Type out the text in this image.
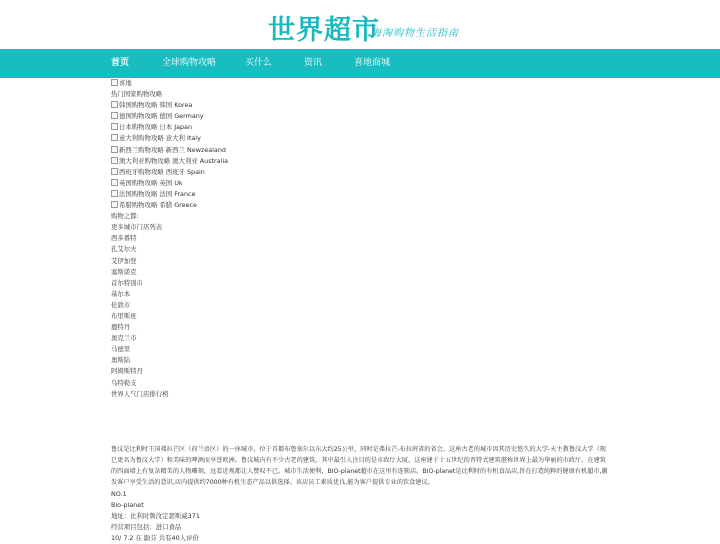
世界超市
海淘购物生活指南
首页	全球购物攻略	买什么	资讯	喜地商城
喜地
热门国家购物攻略
韩国购物攻略 韩国 Korea
德国购物攻略 德国 Germany
日本购物攻略 日本 Japan
意大利购物攻略 意大利 Italy
新西兰购物攻略 新西兰 Newzealand
澳大利亚购物攻略 澳大利亚 Australia
西班牙购物攻略 西班牙 Spain
英国购物攻略 英国 Uk
法国购物攻略 法国 France
希腊购物攻略 希腊 Greece
购物之都:
更多城市门店列表
西多番特
孔艾尔夫
艾伊加登
塞斯诺克
首尔特别市
基尔本
伦敦市
布里斯班
鹿特丹
奥克兰市
马德里
奥斯陆
阿姆斯特丹
乌特勒支
世界人气门店排行榜
鲁汶是比利时王国弗拉芒区（荷兰语区）的一座城市，位于首都布鲁塞尔以东大约25公里，同时是弗拉芒-布拉班省的省会。这座古老的城市因其历史悠久的大学-天主教鲁汶大学（现已更名为鲁汶大学）和美味的啤酒而享誉欧洲。鲁汶城内有不少古老的建筑，其中最引人注目的是市政厅大厦。这座建于十五世纪的晋特式建筑堪称世界上最为华丽的市政厅。在建筑的四面墙上有复杂精美的人物雕刻，远看近观都让人赞叹不已。城市生活便利，BIO-planet超市在这里有连锁店。BIO-planet是比利时的有机食品店,旨在打造纯粹的健康有机超市,激发客户享受生活的意识,店内提供约7000种有机生态产品以供选择。该店员工素质优良,能为客户提供专业的饮食建议。
NO.1
Bio-planet
地址：比利时鲁汶定瑟斯威371
经营项目包括：进口食品
10/ 7.2 在 鼢芬 共有40人评价
